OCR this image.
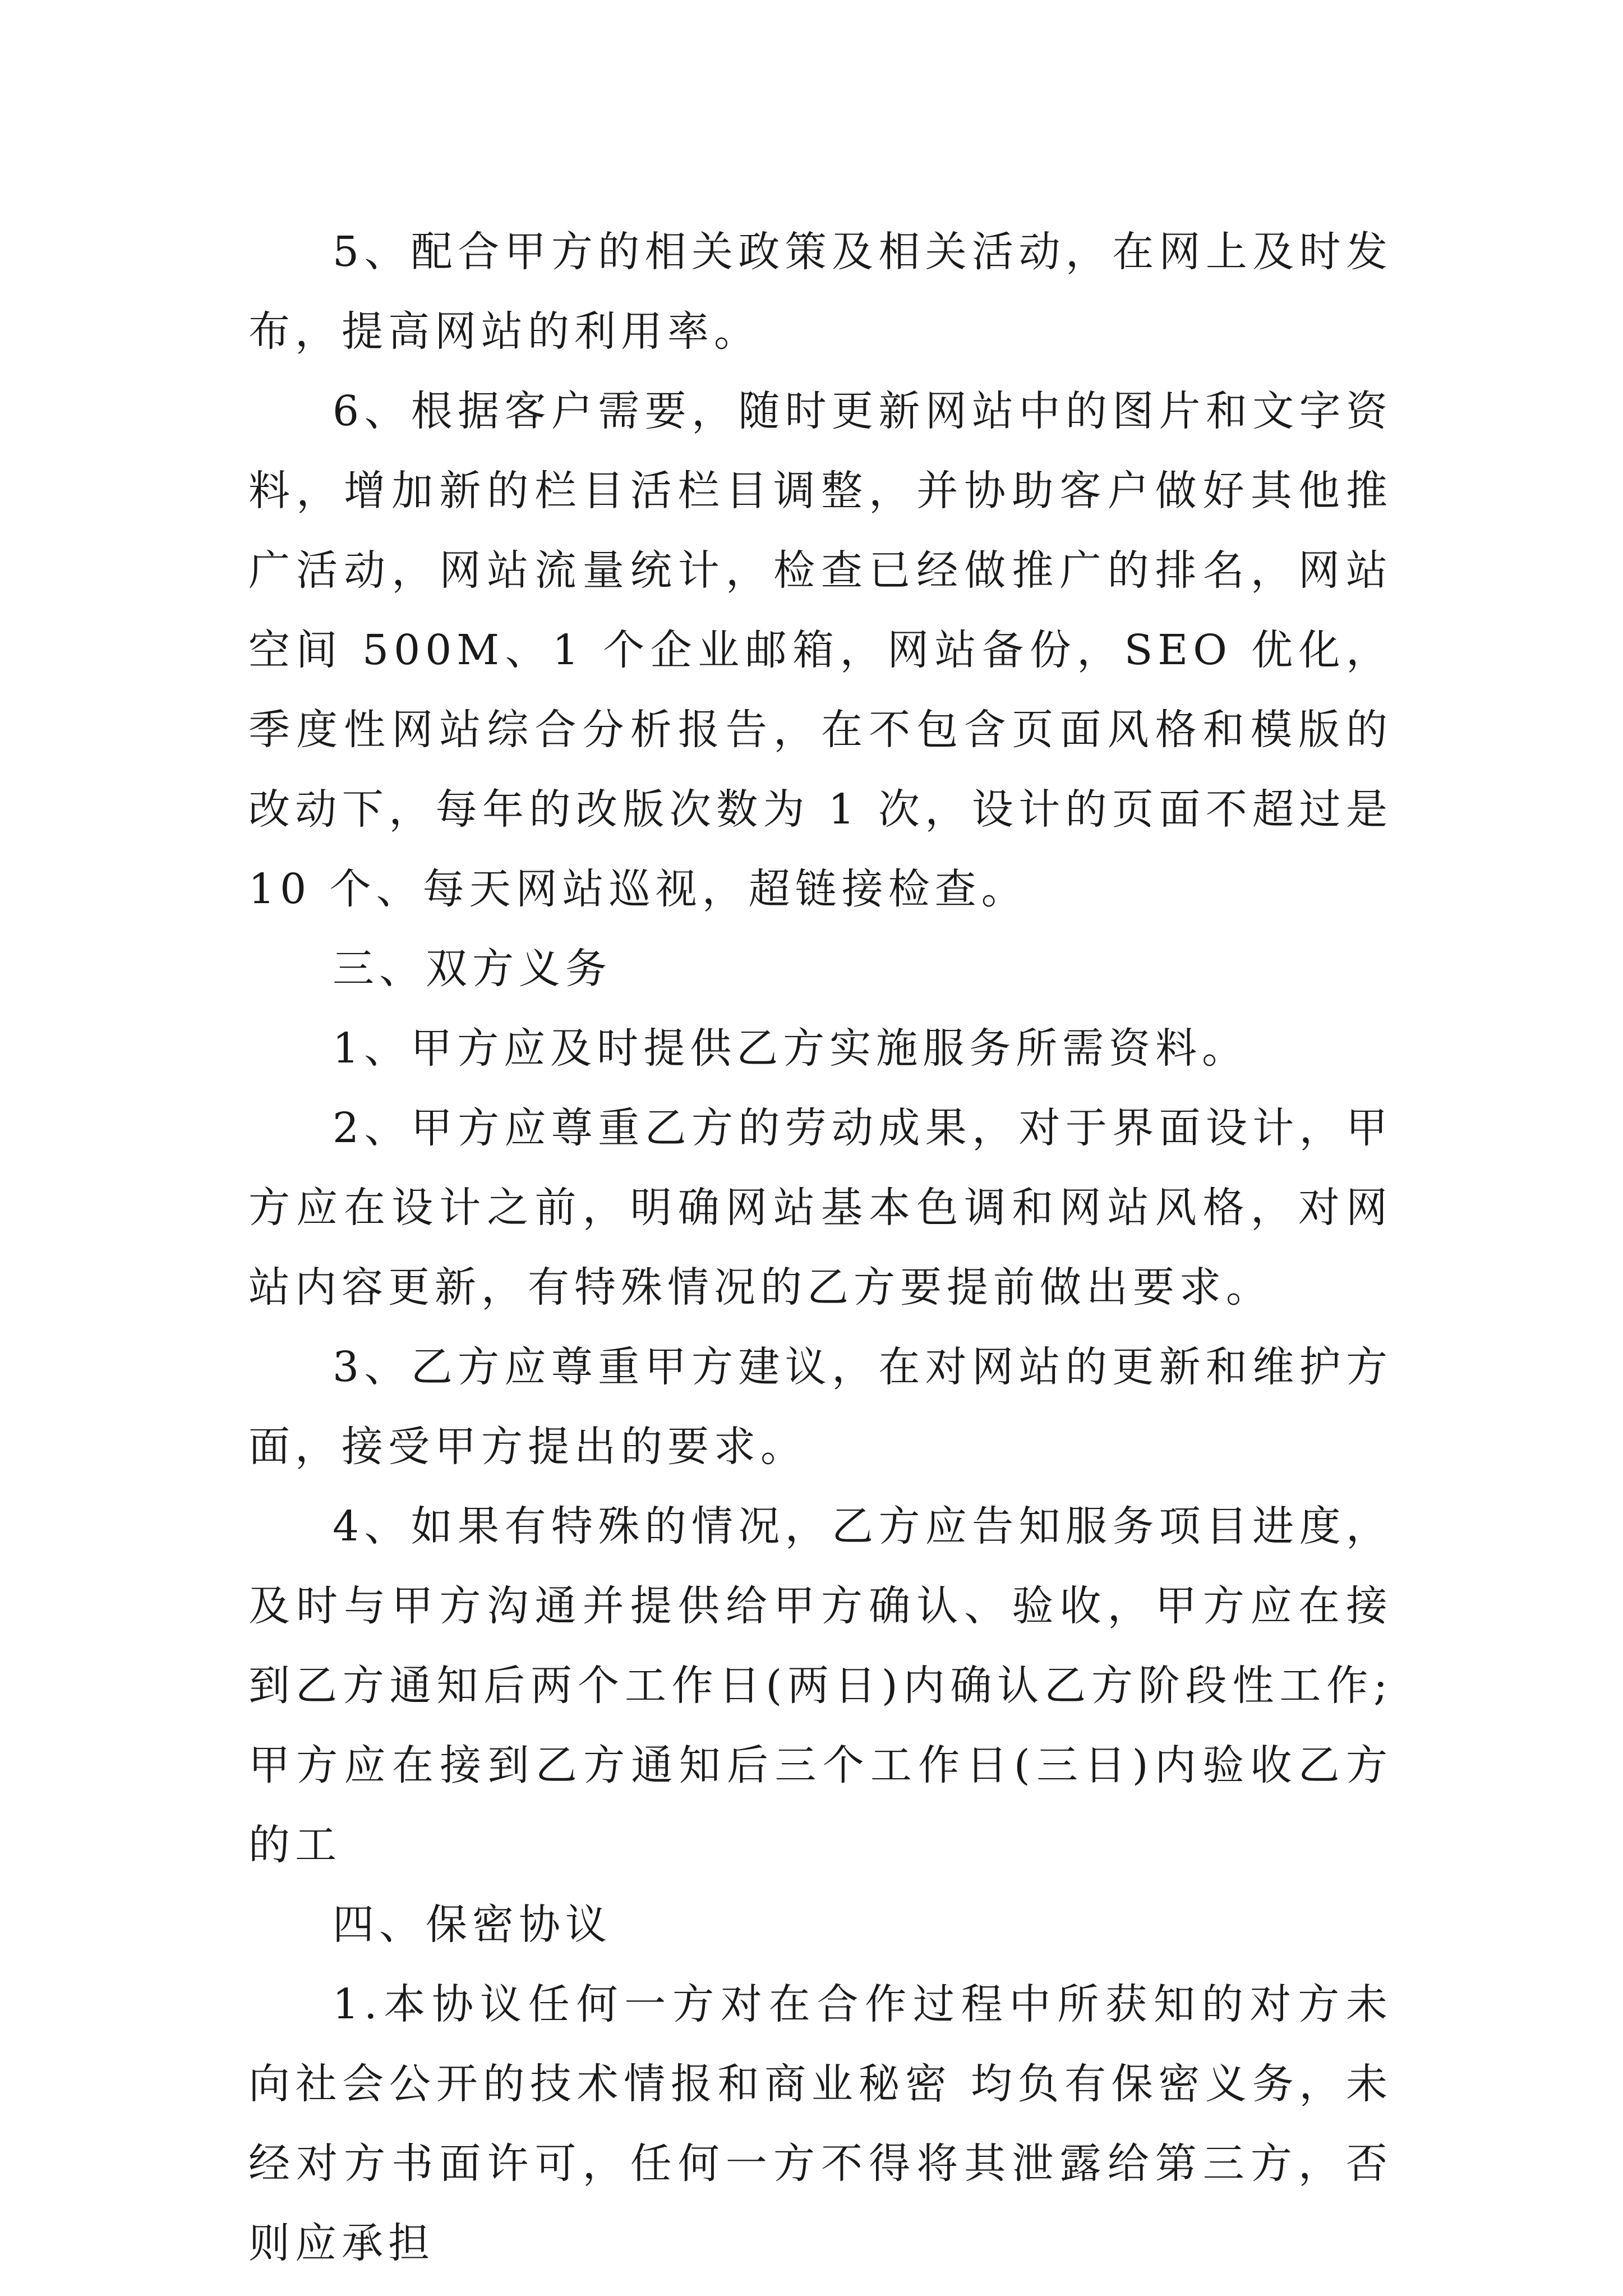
5、配合甲方的相关政策及相关活动，在网上及时发布，提高网站的利用率。

6、根据客户需要，随时更新网站中的图片和文字资料，增加新的栏目活栏目调整，并协助客户做好其他推广活动，网站流量统计，检查已经做推广的排名，网站空间 500M、1 个企业邮箱，网站备份，SEO 优化，季度性网站综合分析报告，在不包含页面风格和模版的改动下，每年的改版次数为 1 次，设计的页面不超过是 10 个、每天网站巡视，超链接检查。

三、双方义务

1、甲方应及时提供乙方实施服务所需资料。

2、甲方应尊重乙方的劳动成果，对于界面设计，甲方应在设计之前，明确网站基本色调和网站风格，对网站内容更新，有特殊情况的乙方要提前做出要求。

3、乙方应尊重甲方建议，在对网站的更新和维护方面，接受甲方提出的要求。

4、如果有特殊的情况，乙方应告知服务项目进度，及时与甲方沟通并提供给甲方确认、验收，甲方应在接到乙方通知后两个工作日(两日)内确认乙方阶段性工作;甲方应在接到乙方通知后三个工作日(三日)内验收乙方的工

四、保密协议

1.本协议任何一方对在合作过程中所获知的对方未向社会公开的技术情报和商业秘密 均负有保密义务，未经对方书面许可，任何一方不得将其泄露给第三方，否则应承担
